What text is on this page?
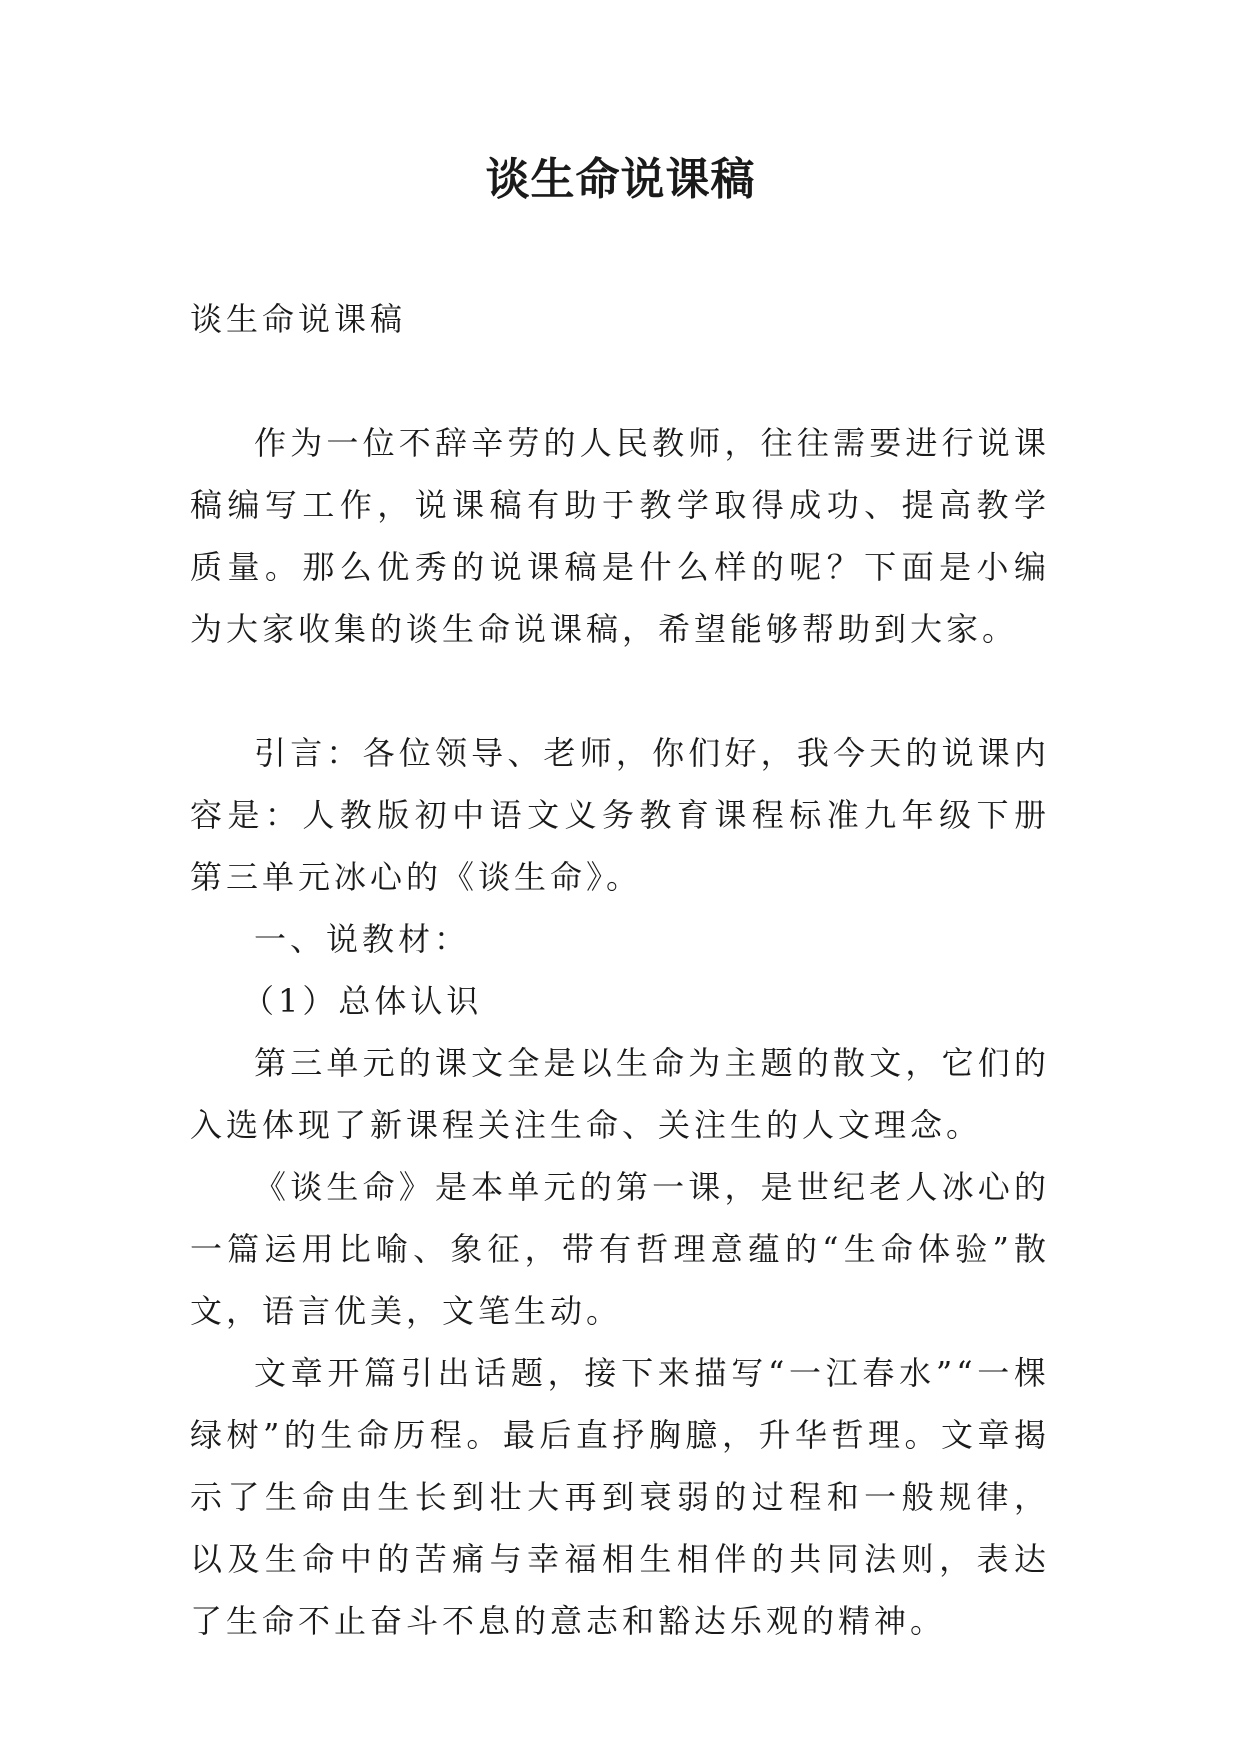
谈生命说课稿

谈生命说课稿

作为一位不辞辛劳的人民教师，往往需要进行说课稿编写工作，说课稿有助于教学取得成功、提高教学质量。那么优秀的说课稿是什么样的呢？下面是小编为大家收集的谈生命说课稿，希望能够帮助到大家。

引言：各位领导、老师，你们好，我今天的说课内容是：人教版初中语文义务教育课程标准九年级下册第三单元冰心的《谈生命》。

一、说教材：

（1）总体认识

第三单元的课文全是以生命为主题的散文，它们的入选体现了新课程关注生命、关注生的人文理念。

《谈生命》是本单元的第一课，是世纪老人冰心的一篇运用比喻、象征，带有哲理意蕴的“生命体验”散文，语言优美，文笔生动。

文章开篇引出话题，接下来描写“一江春水”“一棵绿树”的生命历程。最后直抒胸臆，升华哲理。文章揭示了生命由生长到壮大再到衰弱的过程和一般规律，以及生命中的苦痛与幸福相生相伴的共同法则，表达了生命不止奋斗不息的意志和豁达乐观的精神。
